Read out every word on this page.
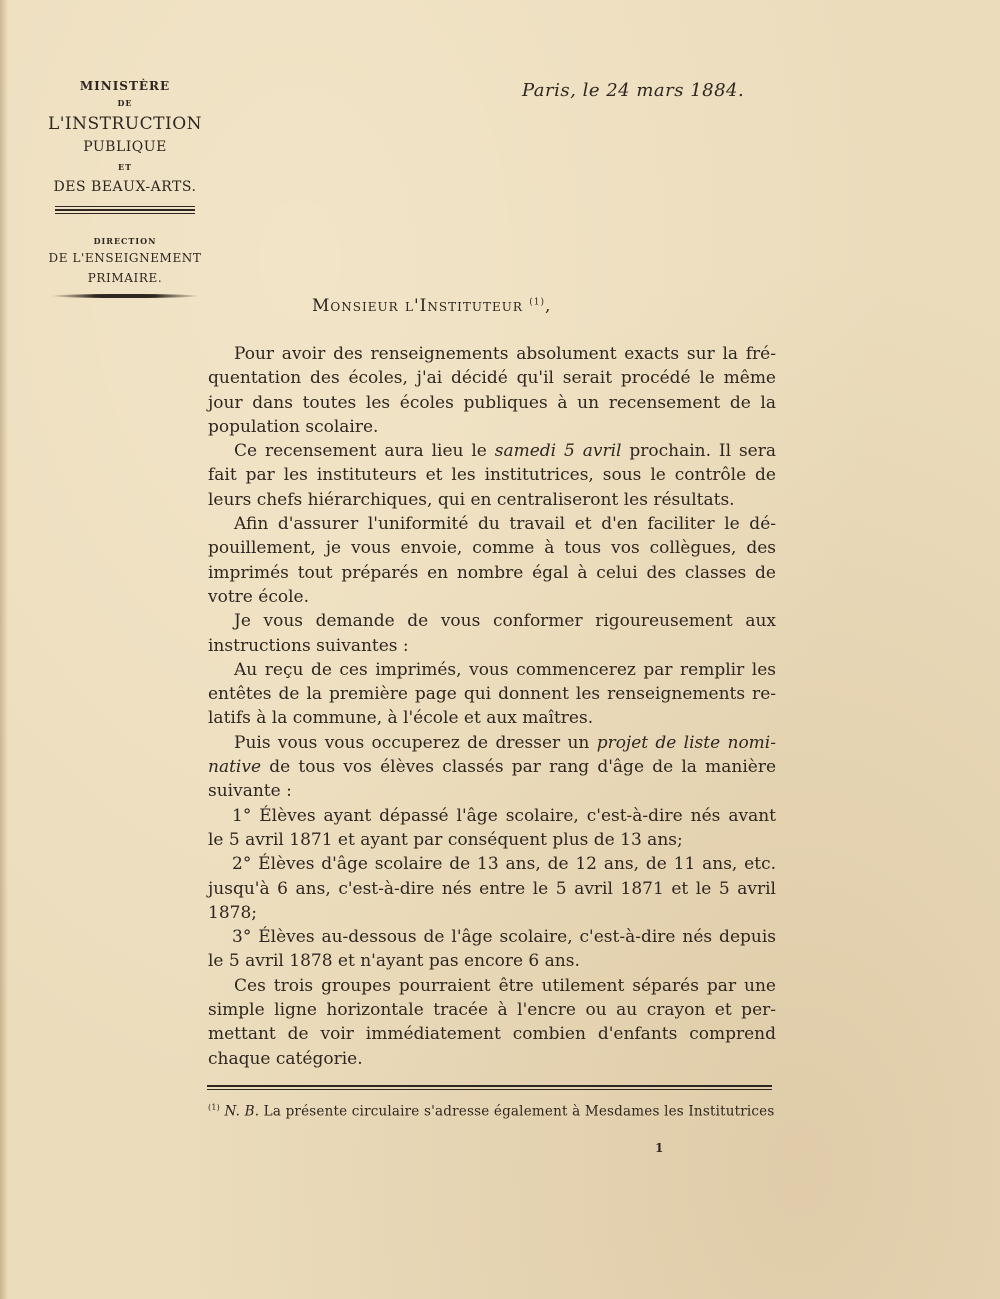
MINISTÈRE
DE
L'INSTRUCTION
PUBLIQUE
ET
DES BEAUX-ARTS.
DIRECTION
DE L'ENSEIGNEMENT
PRIMAIRE.
Paris, le 24 mars 1884.
Monsieur l'Instituteur $^{(1)}$,

Pour avoir des renseignements absolument exacts sur la fré-quentation des écoles, j'ai décidé qu'il serait procédé le même jour dans toutes les écoles publiques à un recensement de la population scolaire.

Ce recensement aura lieu le samedi 5 avril prochain. Il sera fait par les instituteurs et les institutrices, sous le contrôle de leurs chefs hiérarchiques, qui en centraliseront les résultats.

Afin d'assurer l'uniformité du travail et d'en faciliter le dé-pouillement, je vous envoie, comme à tous vos collègues, des imprimés tout préparés en nombre égal à celui des classes de votre école.

Je vous demande de vous conformer rigoureusement aux instructions suivantes :

Au reçu de ces imprimés, vous commencerez par remplir les entêtes de la première page qui donnent les renseignements re-latifs à la commune, à l'école et aux maîtres.

Puis vous vous occuperez de dresser un projet de liste nomi-native de tous vos élèves classés par rang d'âge de la manière suivante :

1° Élèves ayant dépassé l'âge scolaire, c'est-à-dire nés avant le 5 avril 1871 et ayant par conséquent plus de 13 ans;

2° Élèves d'âge scolaire de 13 ans, de 12 ans, de 11 ans, etc. jusqu'à 6 ans, c'est-à-dire nés entre le 5 avril 1871 et le 5 avril 1878;

3° Élèves au-dessous de l'âge scolaire, c'est-à-dire nés depuis le 5 avril 1878 et n'ayant pas encore 6 ans.

Ces trois groupes pourraient être utilement séparés par une simple ligne horizontale tracée à l'encre ou au crayon et per-mettant de voir immédiatement combien d'enfants comprend chaque catégorie.

$^{(1)}$ N. B. La présente circulaire s'adresse également à Mesdames les Institutrices
1
